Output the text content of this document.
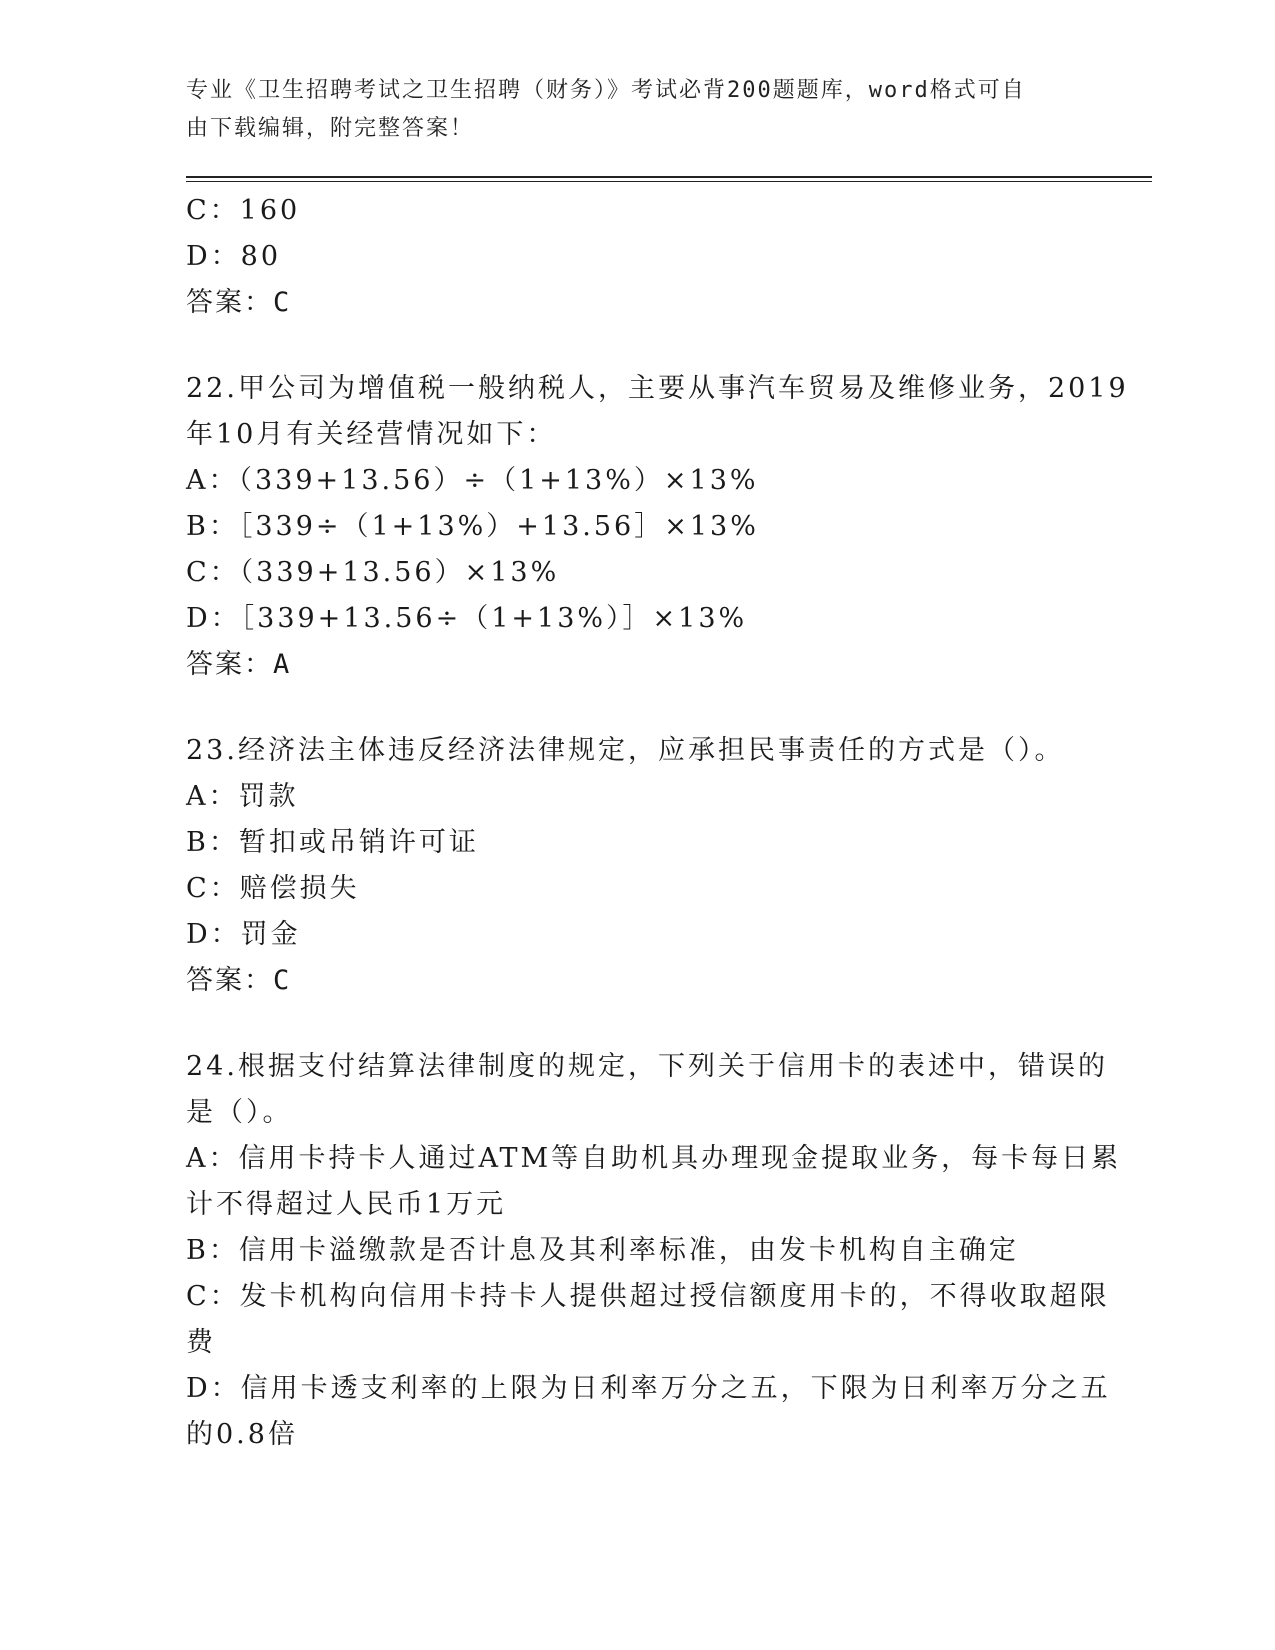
专业《卫生招聘考试之卫生招聘（财务）》考试必背200题题库，word格式可自
由下载编辑，附完整答案！
C：160
D：80
答案：C
22.甲公司为增值税一般纳税人，主要从事汽车贸易及维修业务，2019
年10月有关经营情况如下：
A：（339+13.56）÷（1+13%）×13%
B：［339÷（1+13%）+13.56］×13%
C：（339+13.56）×13%
D：［339+13.56÷（1+13%）］×13%
答案：A
23.经济法主体违反经济法律规定，应承担民事责任的方式是（）。
A：罚款
B：暂扣或吊销许可证
C：赔偿损失
D：罚金
答案：C
24.根据支付结算法律制度的规定，下列关于信用卡的表述中，错误的
是（）。
A：信用卡持卡人通过ATM等自助机具办理现金提取业务，每卡每日累
计不得超过人民币1万元
B：信用卡溢缴款是否计息及其利率标准，由发卡机构自主确定
C：发卡机构向信用卡持卡人提供超过授信额度用卡的，不得收取超限
费
D：信用卡透支利率的上限为日利率万分之五，下限为日利率万分之五
的0.8倍
